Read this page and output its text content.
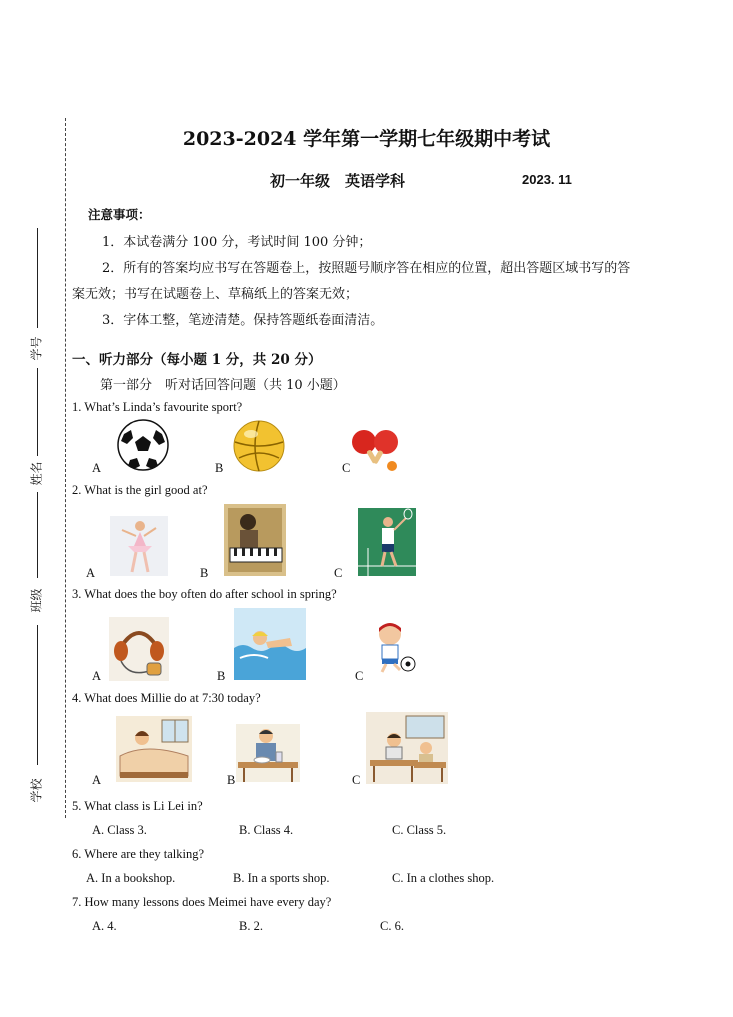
学号
姓名
班级
学校
2023-2024 学年第一学期七年级期中考试
初一年级　英语学科	2023. 11
注意事项：
1．本试卷满分 100 分，考试时间 100 分钟；
2．所有的答案均应书写在答题卷上，按照题号顺序答在相应的位置，超出答题区域书写的答
案无效；书写在试题卷上、草稿纸上的答案无效；
3．字体工整，笔迹清楚。保持答题纸卷面清洁。
一、听力部分（每小题 1 分，共 20 分）
第一部分　听对话回答问题（共 10 小题）
1. What’s Linda’s favourite sport?
A	B	C
2. What is the girl good at?
A	B	C
3. What does the boy often do after school in spring?
A	B	C
4. What does Millie do at 7:30 today?
A	B	C
5. What class is Li Lei in?
A. Class 3.	B. Class 4.	C. Class 5.
6. Where are they talking?
A. In a bookshop.	B. In a sports shop.	C. In a clothes shop.
7. How many lessons does Meimei have every day?
A. 4.	B. 2.	C. 6.
